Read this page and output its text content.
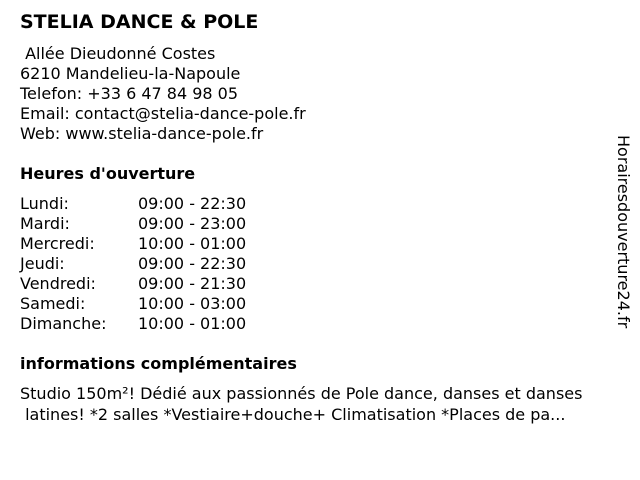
STELIA DANCE & POLE
Allée Dieudonné Costes
6210 Mandelieu-la-Napoule
Telefon: +33 6 47 84 98 05
Email: contact@stelia-dance-pole.fr
Web: www.stelia-dance-pole.fr
Heures d'ouverture
Lundi:	09:00 - 22:30
Mardi:	09:00 - 23:00
Mercredi:	10:00 - 01:00
Jeudi:	09:00 - 22:30
Vendredi:	09:00 - 21:30
Samedi:	10:00 - 03:00
Dimanche:	10:00 - 01:00
informations complémentaires
Studio 150m²! Dédié aux passionnés de Pole dance, danses et danses
latines! *2 salles *Vestiaire+douche+ Climatisation *Places de pa...
Horairesdouverture24.fr
